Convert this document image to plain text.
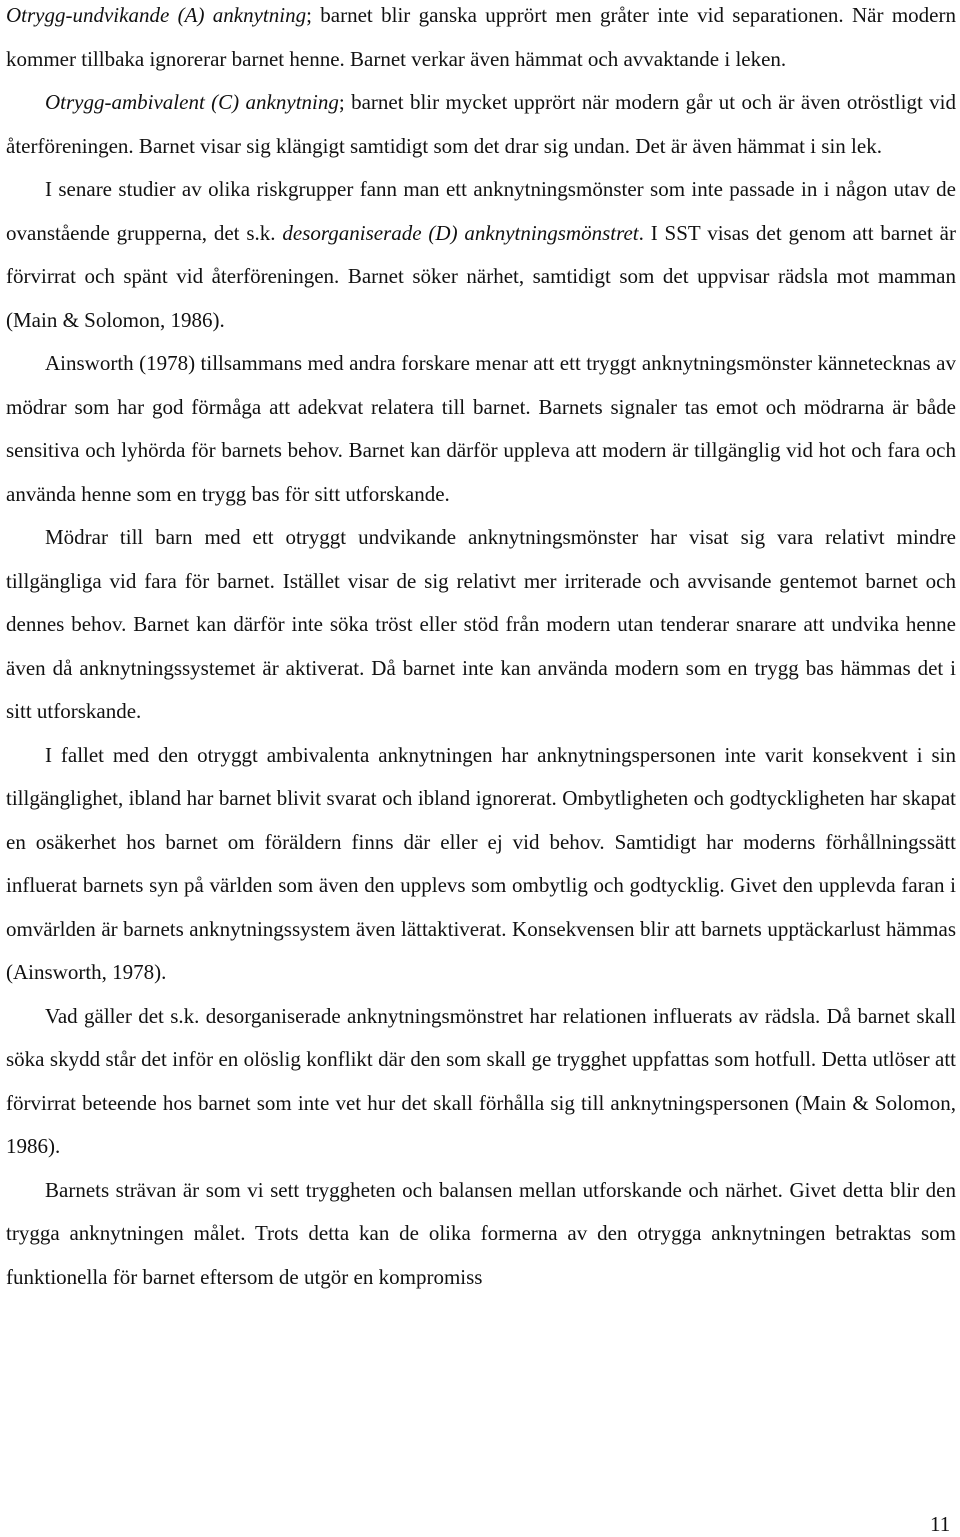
Otrygg-undvikande (A) anknytning; barnet blir ganska upprört men gråter inte vid separationen. När modern kommer tillbaka ignorerar barnet henne. Barnet verkar även hämmat och avvaktande i leken.

Otrygg-ambivalent (C) anknytning; barnet blir mycket upprört när modern går ut och är även otröstligt vid återföreningen. Barnet visar sig klängigt samtidigt som det drar sig undan. Det är även hämmat i sin lek.

I senare studier av olika riskgrupper fann man ett anknytningsmönster som inte passade in i någon utav de ovanstående grupperna, det s.k. desorganiserade (D) anknytningsmönstret. I SST visas det genom att barnet är förvirrat och spänt vid återföreningen. Barnet söker närhet, samtidigt som det uppvisar rädsla mot mamman (Main & Solomon, 1986).

Ainsworth (1978) tillsammans med andra forskare menar att ett tryggt anknytningsmönster kännetecknas av mödrar som har god förmåga att adekvat relatera till barnet. Barnets signaler tas emot och mödrarna är både sensitiva och lyhörda för barnets behov. Barnet kan därför uppleva att modern är tillgänglig vid hot och fara och använda henne som en trygg bas för sitt utforskande.

Mödrar till barn med ett otryggt undvikande anknytningsmönster har visat sig vara relativt mindre tillgängliga vid fara för barnet. Istället visar de sig relativt mer irriterade och avvisande gentemot barnet och dennes behov. Barnet kan därför inte söka tröst eller stöd från modern utan tenderar snarare att undvika henne även då anknytningssystemet är aktiverat. Då barnet inte kan använda modern som en trygg bas hämmas det i sitt utforskande.

I fallet med den otryggt ambivalenta anknytningen har anknytningspersonen inte varit konsekvent i sin tillgänglighet, ibland har barnet blivit svarat och ibland ignorerat. Ombytligheten och godtyckligheten har skapat en osäkerhet hos barnet om föräldern finns där eller ej vid behov. Samtidigt har moderns förhållningssätt influerat barnets syn på världen som även den upplevs som ombytlig och godtycklig. Givet den upplevda faran i omvärlden är barnets anknytningssystem även lättaktiverat. Konsekvensen blir att barnets upptäckarlust hämmas (Ainsworth, 1978).

Vad gäller det s.k. desorganiserade anknytningsmönstret har relationen influerats av rädsla. Då barnet skall söka skydd står det inför en olöslig konflikt där den som skall ge trygghet uppfattas som hotfull. Detta utlöser att förvirrat beteende hos barnet som inte vet hur det skall förhålla sig till anknytningspersonen (Main & Solomon, 1986).

Barnets strävan är som vi sett tryggheten och balansen mellan utforskande och närhet. Givet detta blir den trygga anknytningen målet. Trots detta kan de olika formerna av den otrygga anknytningen betraktas som funktionella för barnet eftersom de utgör en kompromiss

11
